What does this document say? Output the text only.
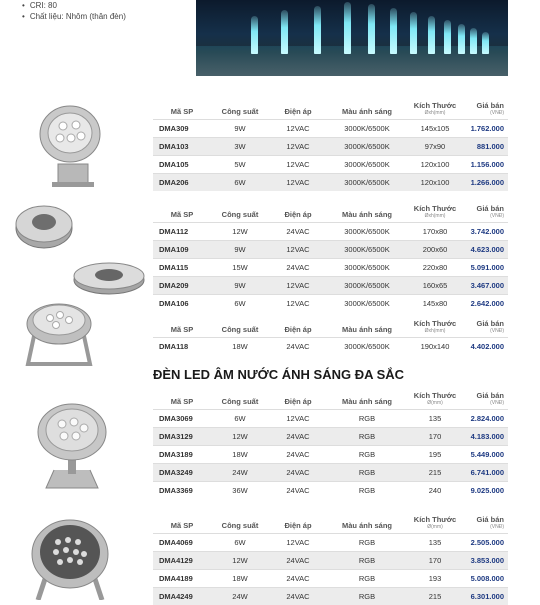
• CRI: 80
• Chất liệu: Nhôm (thân đèn)
Mã SP	Công suất	Điện áp	Màu ánh sáng	Kích Thước
Øxh(mm)	Giá bán
(VNĐ)

DMA309	9W	12VAC	3000K/6500K	145x105	1.762.000
DMA103	3W	12VAC	3000K/6500K	97x90	881.000
DMA105	5W	12VAC	3000K/6500K	120x100	1.156.000
DMA206	6W	12VAC	3000K/6500K	120x100	1.266.000
Mã SP	Công suất	Điện áp	Màu ánh sáng	Kích Thước
Øxh(mm)	Giá bán
(VNĐ)

DMA112	12W	24VAC	3000K/6500K	170x80	3.742.000
DMA109	9W	12VAC	3000K/6500K	200x60	4.623.000
DMA115	15W	24VAC	3000K/6500K	220x80	5.091.000
DMA209	9W	12VAC	3000K/6500K	160x65	3.467.000
DMA106	6W	12VAC	3000K/6500K	145x80	2.642.000
Mã SP	Công suất	Điện áp	Màu ánh sáng	Kích Thước
Øxh(mm)	Giá bán
(VNĐ)

DMA118	18W	24VAC	3000K/6500K	190x140	4.402.000
ĐÈN LED ÂM NƯỚC ÁNH SÁNG ĐA SẮC
Mã SP	Công suất	Điện áp	Màu ánh sáng	Kích Thước
Ø(mm)	Giá bán
(VNĐ)

DMA3069	6W	12VAC	RGB	135	2.824.000
DMA3129	12W	24VAC	RGB	170	4.183.000
DMA3189	18W	24VAC	RGB	195	5.449.000
DMA3249	24W	24VAC	RGB	215	6.741.000
DMA3369	36W	24VAC	RGB	240	9.025.000
Mã SP	Công suất	Điện áp	Màu ánh sáng	Kích Thước
Ø(mm)	Giá bán
(VNĐ)

DMA4069	6W	12VAC	RGB	135	2.505.000
DMA4129	12W	24VAC	RGB	170	3.853.000
DMA4189	18W	24VAC	RGB	193	5.008.000
DMA4249	24W	24VAC	RGB	215	6.301.000
